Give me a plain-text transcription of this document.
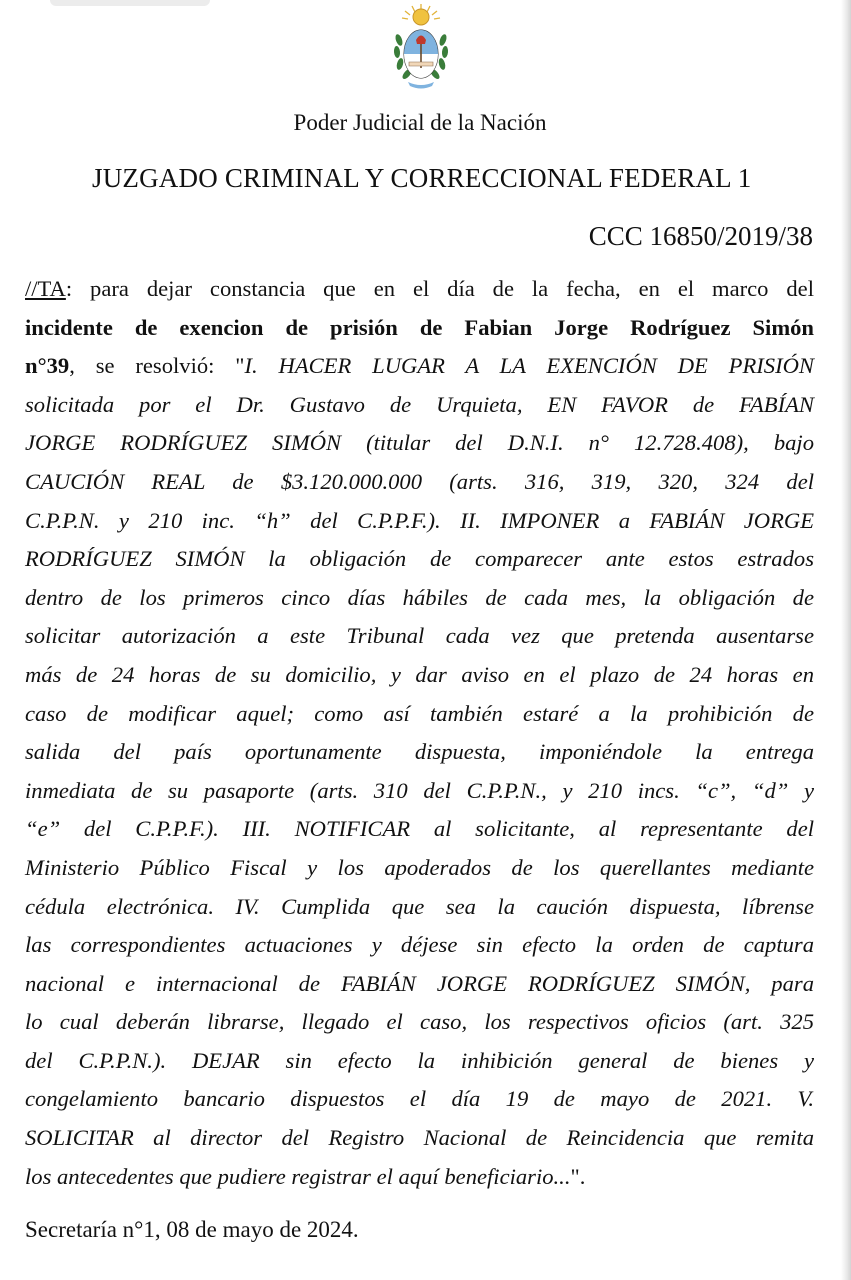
Poder Judicial de la Nación
JUZGADO CRIMINAL Y CORRECCIONAL FEDERAL 1
CCC 16850/2019/38
//TA: para dejar constancia que en el día de la fecha, en el marco del
incidente de exencion de prisión de Fabian Jorge Rodríguez Simón
n°39, se resolvió: "I. HACER LUGAR A LA EXENCIÓN DE PRISIÓN
solicitada por el Dr. Gustavo de Urquieta, EN FAVOR de FABÍAN
JORGE RODRÍGUEZ SIMÓN (titular del D.N.I. n° 12.728.408), bajo
CAUCIÓN REAL de $3.120.000.000 (arts. 316, 319, 320, 324 del
C.P.P.N. y 210 inc. “h” del C.P.P.F.). II. IMPONER a FABIÁN JORGE
RODRÍGUEZ SIMÓN la obligación de comparecer ante estos estrados
dentro de los primeros cinco días hábiles de cada mes, la obligación de
solicitar autorización a este Tribunal cada vez que pretenda ausentarse
más de 24 horas de su domicilio, y dar aviso en el plazo de 24 horas en
caso de modificar aquel; como así también estaré a la prohibición de
salida del país oportunamente dispuesta, imponiéndole la entrega
inmediata de su pasaporte (arts. 310 del C.P.P.N., y 210 incs. “c”, “d” y
“e” del C.P.P.F.). III. NOTIFICAR al solicitante, al representante del
Ministerio Público Fiscal y los apoderados de los querellantes mediante
cédula electrónica. IV. Cumplida que sea la caución dispuesta, líbrense
las correspondientes actuaciones y déjese sin efecto la orden de captura
nacional e internacional de FABIÁN JORGE RODRÍGUEZ SIMÓN, para
lo cual deberán librarse, llegado el caso, los respectivos oficios (art. 325
del C.P.P.N.). DEJAR sin efecto la inhibición general de bienes y
congelamiento bancario dispuestos el día 19 de mayo de 2021. V.
SOLICITAR al director del Registro Nacional de Reincidencia que remita
los antecedentes que pudiere registrar el aquí beneficiario...".
Secretaría n°1, 08 de mayo de 2024.
